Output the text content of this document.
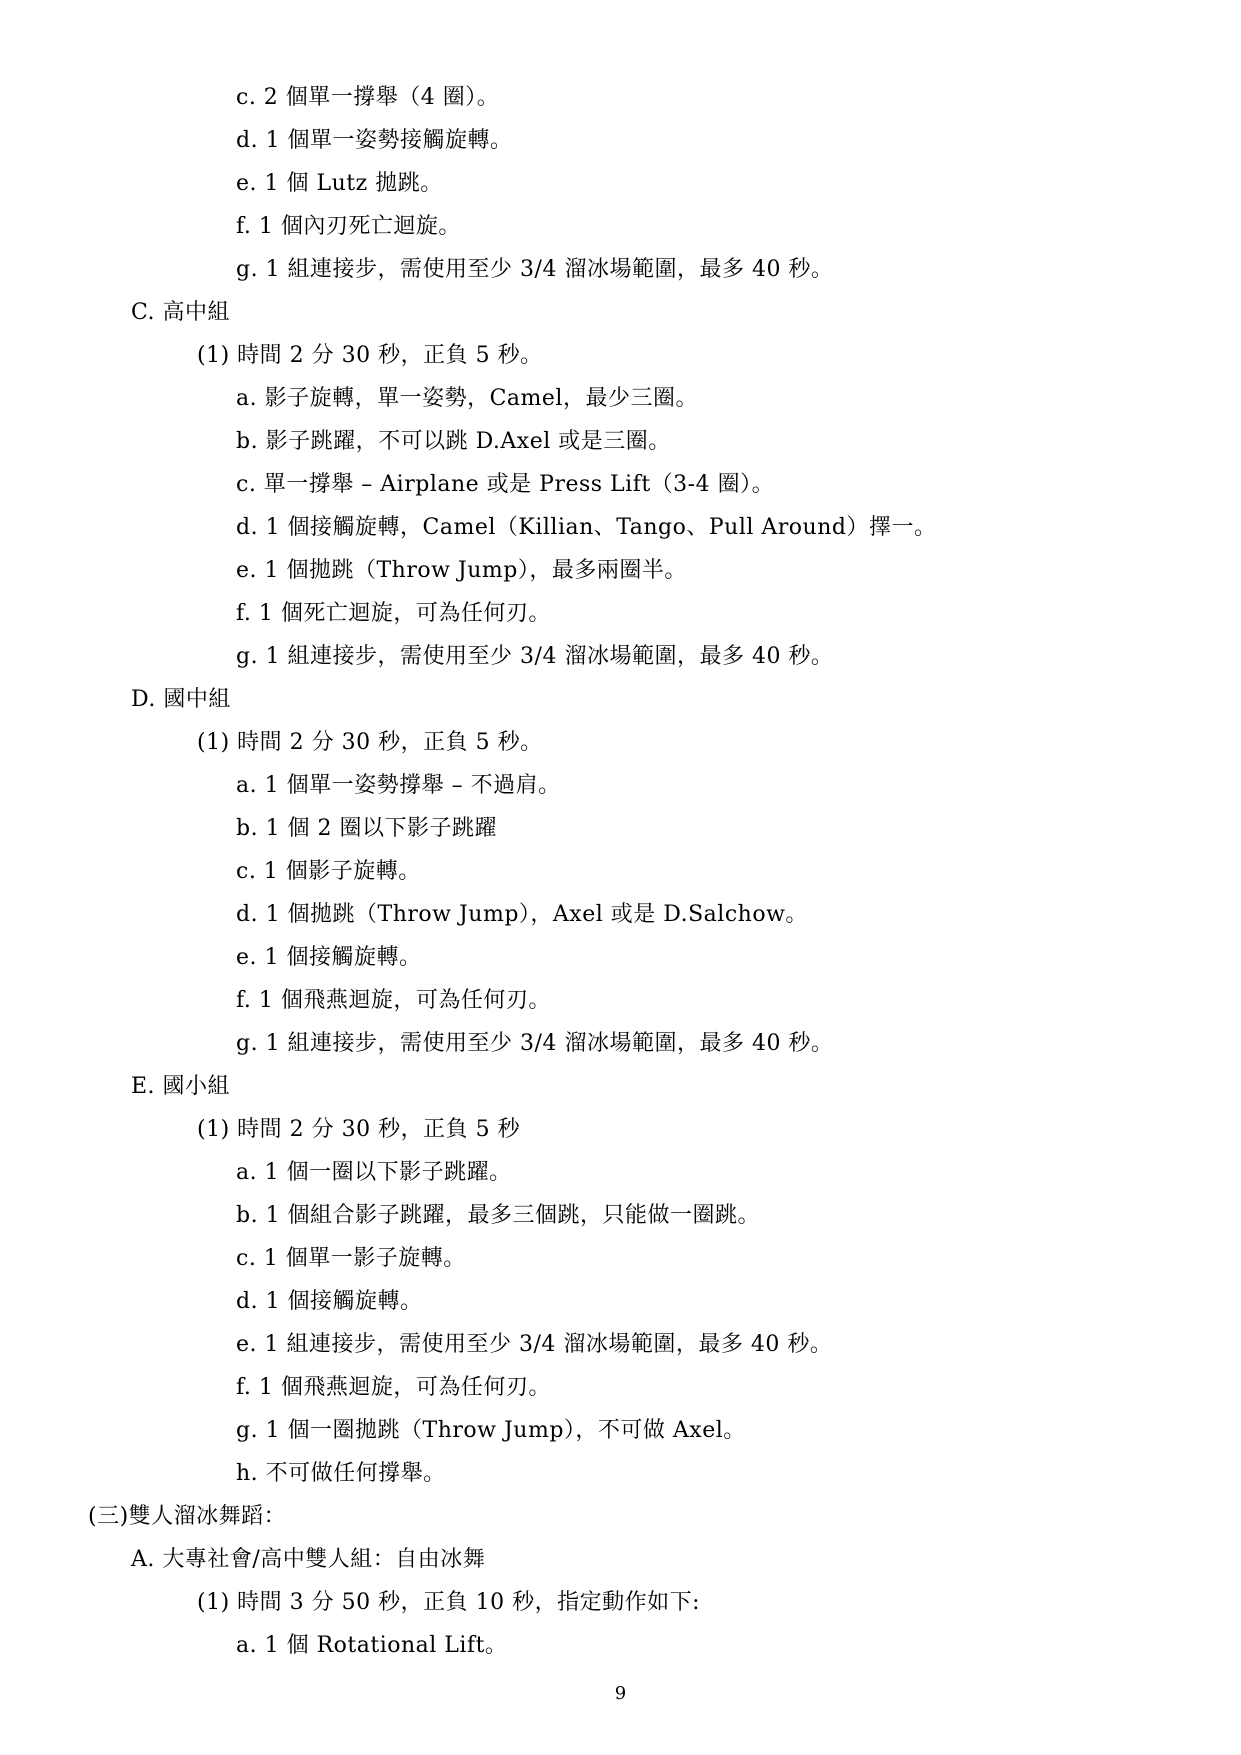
c. 2 個單一撐舉（4 圈）。
d. 1 個單一姿勢接觸旋轉。
e. 1 個 Lutz 拋跳。
f. 1 個內刃死亡迴旋。
g. 1 組連接步，需使用至少 3/4 溜冰場範圍，最多 40 秒。
C. 高中組
(1) 時間 2 分 30 秒，正負 5 秒。
a. 影子旋轉，單一姿勢，Camel，最少三圈。
b. 影子跳躍，不可以跳 D.Axel 或是三圈。
c. 單一撐舉 – Airplane 或是 Press Lift（3-4 圈）。
d. 1 個接觸旋轉，Camel（Killian、Tango、Pull Around）擇一。
e. 1 個拋跳（Throw Jump），最多兩圈半。
f. 1 個死亡迴旋，可為任何刃。
g. 1 組連接步，需使用至少 3/4 溜冰場範圍，最多 40 秒。
D. 國中組
(1) 時間 2 分 30 秒，正負 5 秒。
a. 1 個單一姿勢撐舉 – 不過肩。
b. 1 個 2 圈以下影子跳躍
c. 1 個影子旋轉。
d. 1 個拋跳（Throw Jump），Axel 或是 D.Salchow。
e. 1 個接觸旋轉。
f. 1 個飛燕迴旋，可為任何刃。
g. 1 組連接步，需使用至少 3/4 溜冰場範圍，最多 40 秒。
E. 國小組
(1) 時間 2 分 30 秒，正負 5 秒
a. 1 個一圈以下影子跳躍。
b. 1 個組合影子跳躍，最多三個跳，只能做一圈跳。
c. 1 個單一影子旋轉。
d. 1 個接觸旋轉。
e. 1 組連接步，需使用至少 3/4 溜冰場範圍，最多 40 秒。
f. 1 個飛燕迴旋，可為任何刃。
g. 1 個一圈拋跳（Throw Jump），不可做 Axel。
h. 不可做任何撐舉。
(三)雙人溜冰舞蹈：
A. 大專社會/高中雙人組：自由冰舞
(1) 時間 3 分 50 秒，正負 10 秒，指定動作如下:
a. 1 個 Rotational Lift。
9
